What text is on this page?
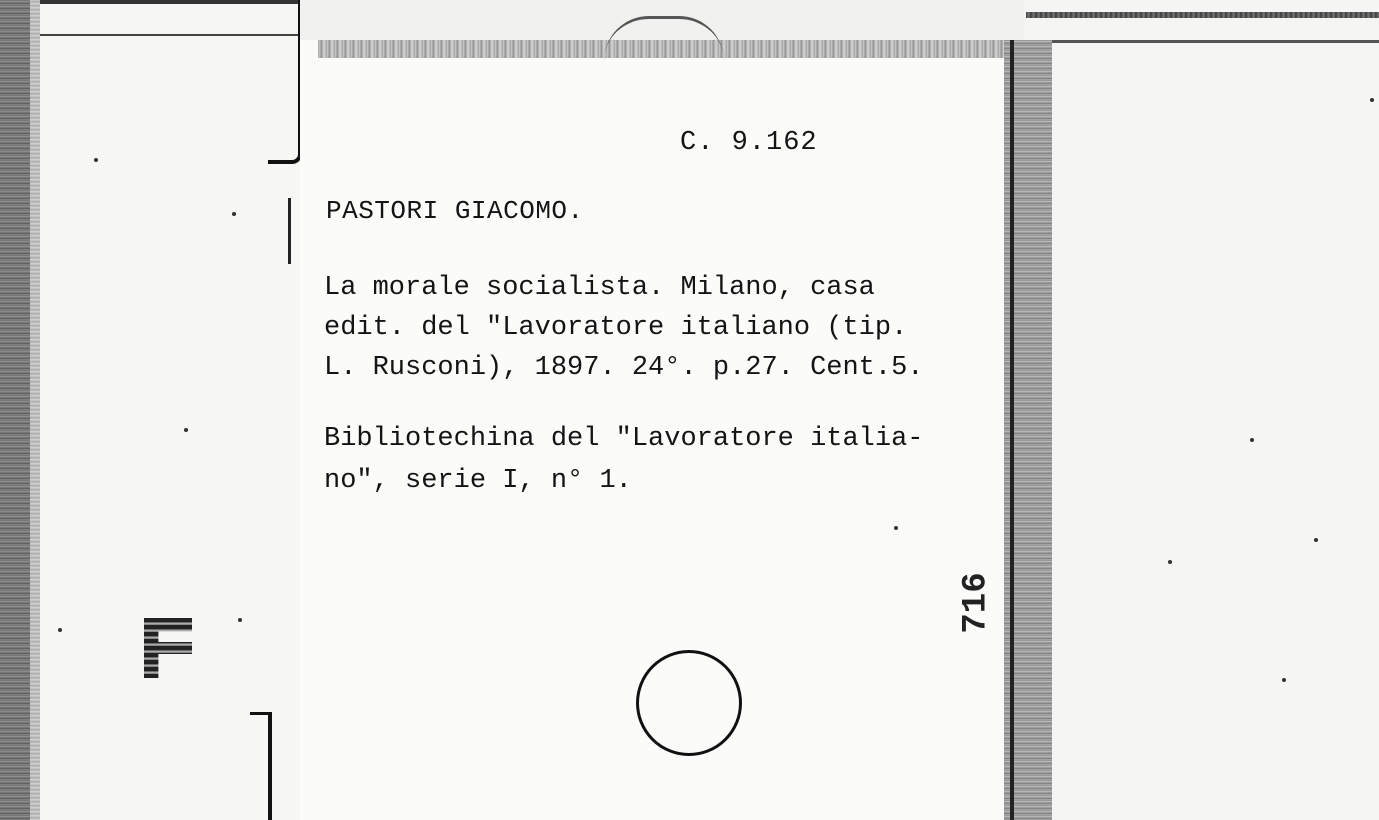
C. 9.162
PASTORI GIACOMO.
La morale socialista. Milano, casa
edit. del "Lavoratore italiano (tip.
L. Rusconi), 1897. 24°. p.27. Cent.5.
Bibliotechina del "Lavoratore italia-
no", serie I, n° 1.
716
